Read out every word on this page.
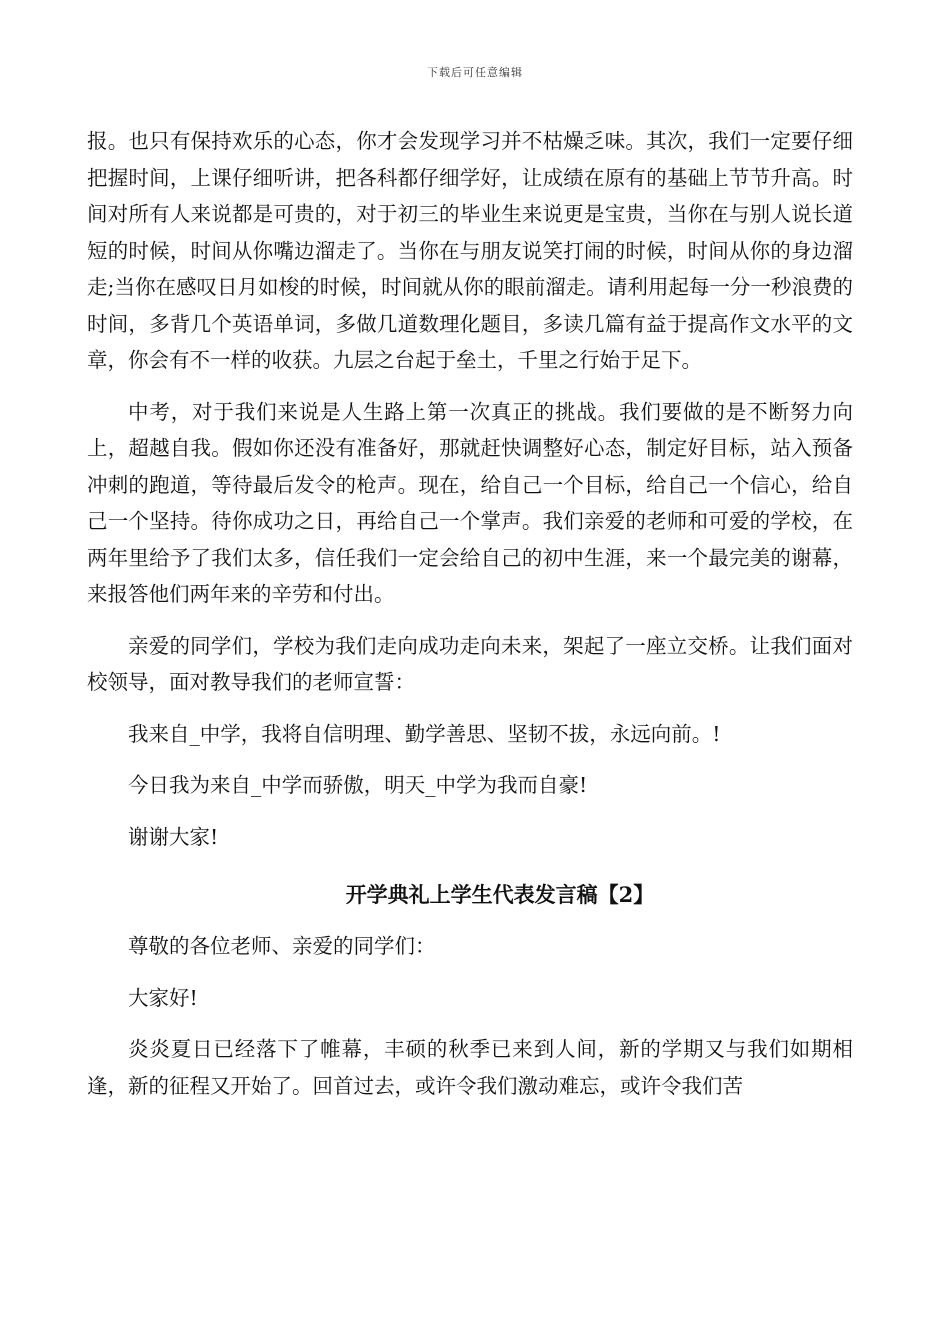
下载后可任意编辑

报。也只有保持欢乐的心态，你才会发现学习并不枯燥乏味。其次，我们一定要仔细把握时间，上课仔细听讲，把各科都仔细学好，让成绩在原有的基础上节节升高。时间对所有人来说都是可贵的，对于初三的毕业生来说更是宝贵，当你在与别人说长道短的时候，时间从你嘴边溜走了。当你在与朋友说笑打闹的时候，时间从你的身边溜走;当你在感叹日月如梭的时候，时间就从你的眼前溜走。请利用起每一分一秒浪费的时间，多背几个英语单词，多做几道数理化题目，多读几篇有益于提高作文水平的文章，你会有不一样的收获。九层之台起于垒土，千里之行始于足下。

中考，对于我们来说是人生路上第一次真正的挑战。我们要做的是不断努力向上，超越自我。假如你还没有准备好，那就赶快调整好心态，制定好目标，站入预备冲刺的跑道，等待最后发令的枪声。现在，给自己一个目标，给自己一个信心，给自己一个坚持。待你成功之日，再给自己一个掌声。我们亲爱的老师和可爱的学校，在两年里给予了我们太多，信任我们一定会给自己的初中生涯，来一个最完美的谢幕，来报答他们两年来的辛劳和付出。

亲爱的同学们，学校为我们走向成功走向未来，架起了一座立交桥。让我们面对校领导，面对教导我们的老师宣誓：

我来自_中学，我将自信明理、勤学善思、坚韧不拔，永远向前。!

今日我为来自_中学而骄傲，明天_中学为我而自豪!

谢谢大家!

开学典礼上学生代表发言稿【2】

尊敬的各位老师、亲爱的同学们：

大家好!

炎炎夏日已经落下了帷幕，丰硕的秋季已来到人间，新的学期又与我们如期相逢，新的征程又开始了。回首过去，或许令我们激动难忘，或许令我们苦
